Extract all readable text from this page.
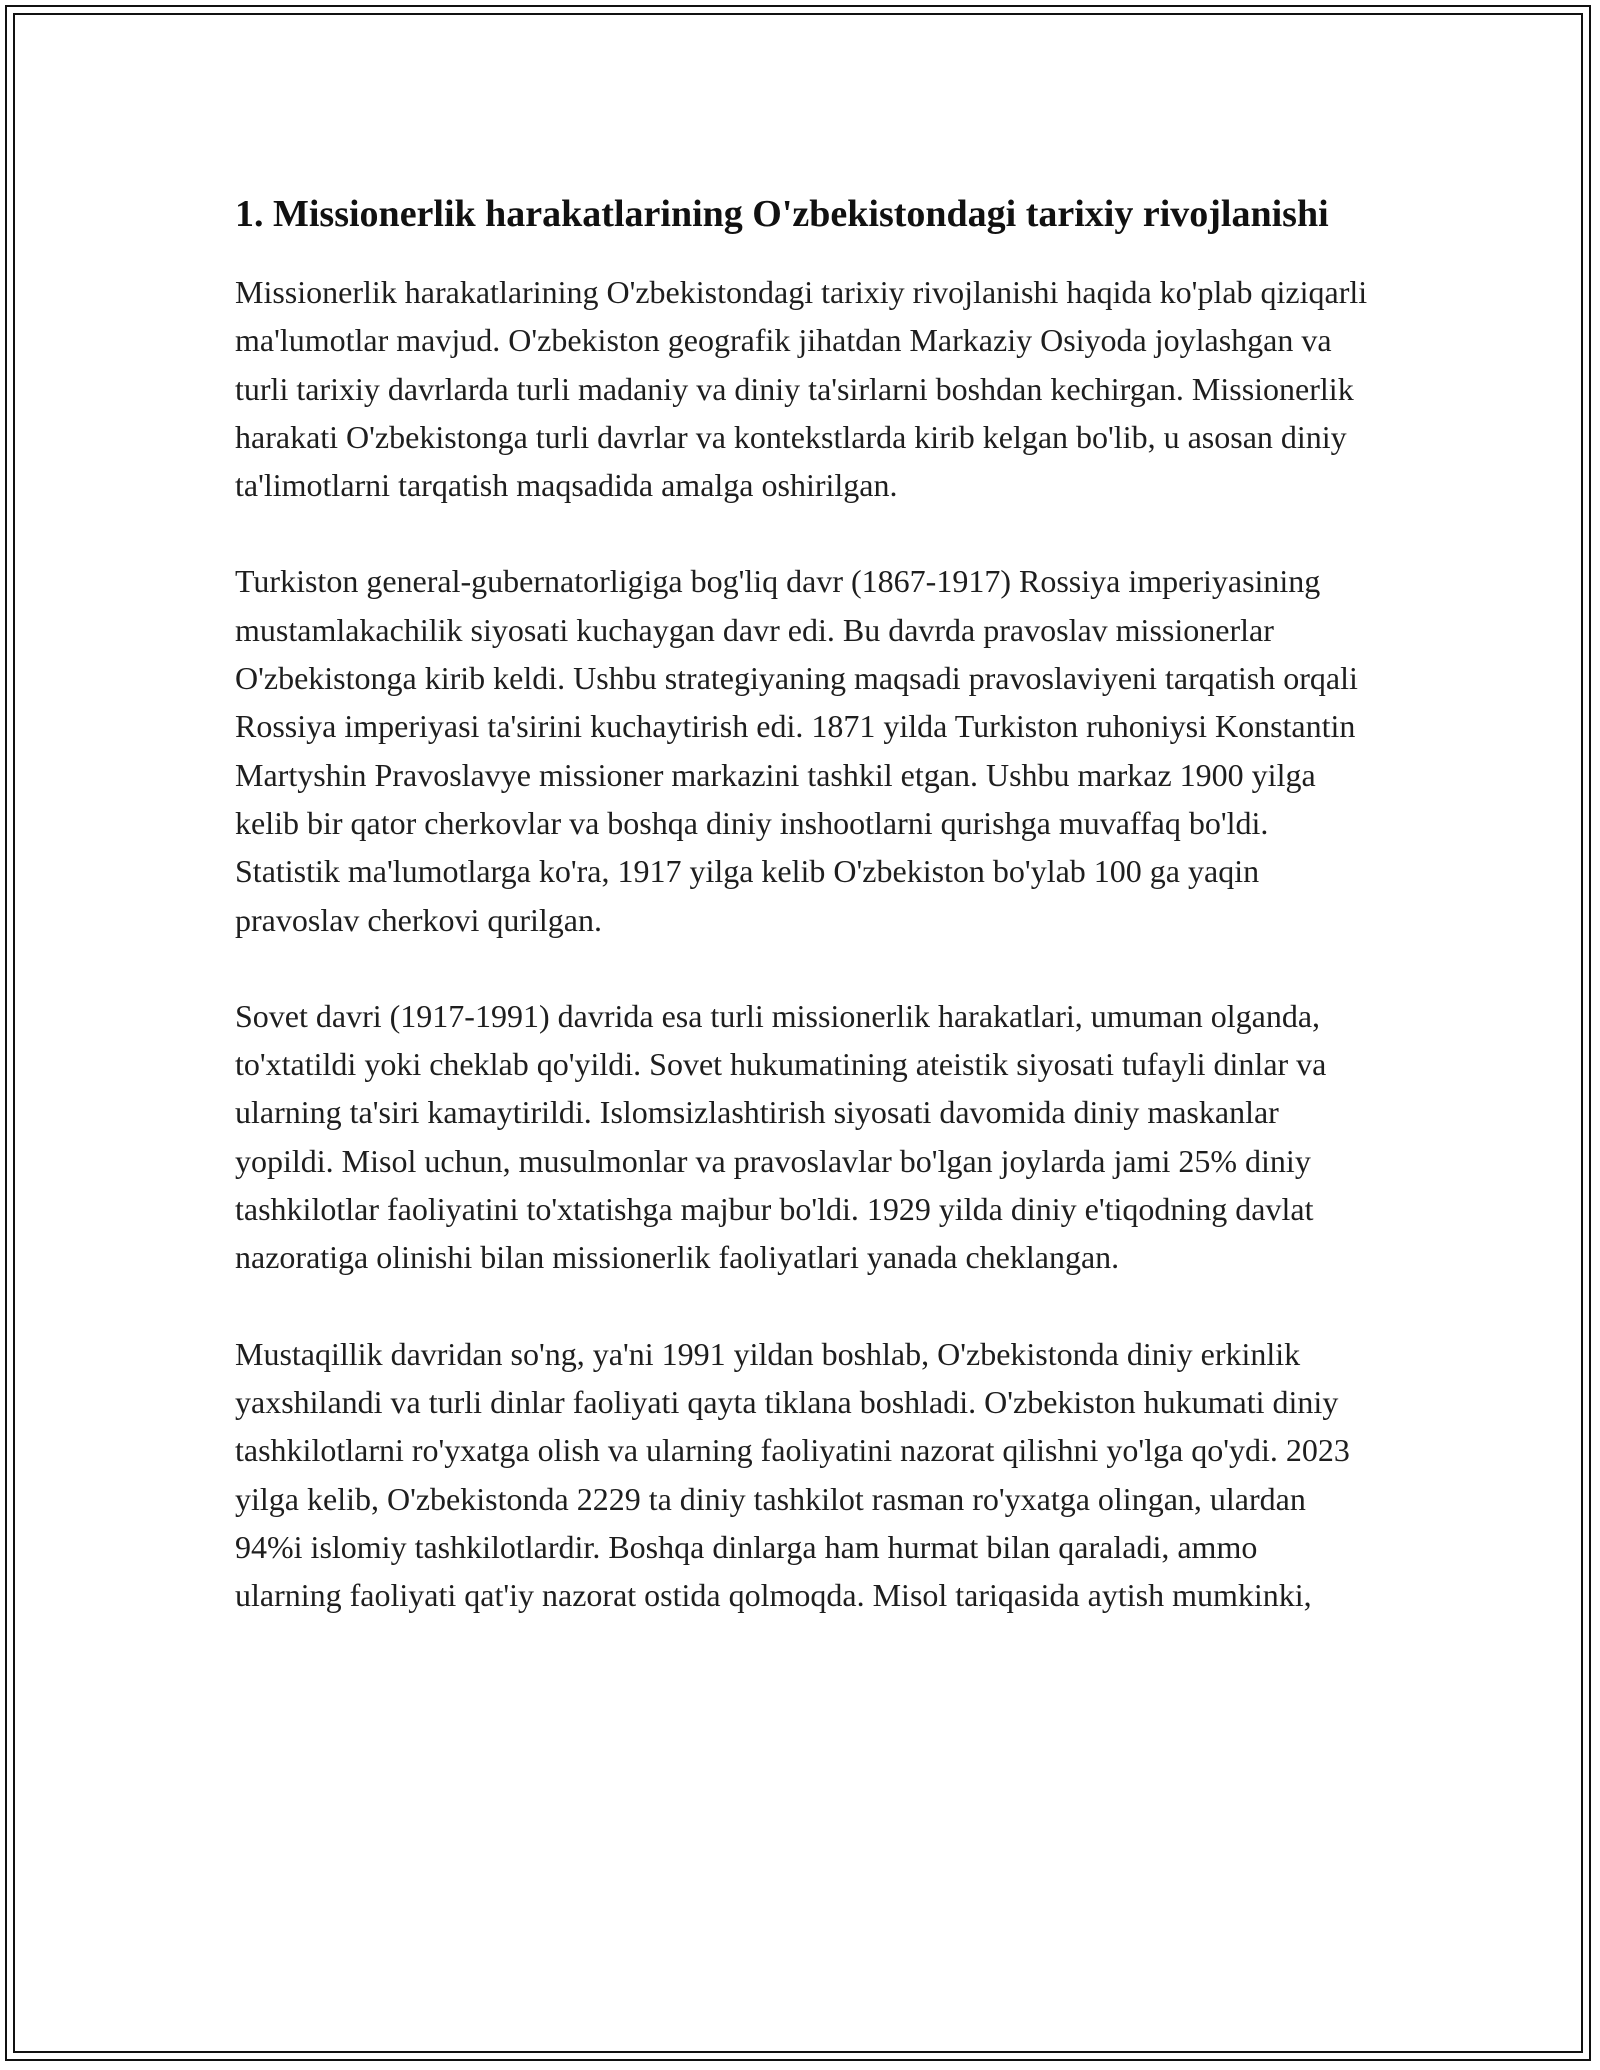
1. Missionerlik harakatlarining O'zbekistondagi tarixiy rivojlanishi

Missionerlik harakatlarining O'zbekistondagi tarixiy rivojlanishi haqida ko'plab qiziqarli ma'lumotlar mavjud. O'zbekiston geografik jihatdan Markaziy Osiyoda joylashgan va turli tarixiy davrlarda turli madaniy va diniy ta'sirlarni boshdan kechirgan. Missionerlik harakati O'zbekistonga turli davrlar va kontekstlarda kirib kelgan bo'lib, u asosan diniy ta'limotlarni tarqatish maqsadida amalga oshirilgan.

Turkiston general-gubernatorligiga bog'liq davr (1867-1917) Rossiya imperiyasining mustamlakachilik siyosati kuchaygan davr edi. Bu davrda pravoslav missionerlar O'zbekistonga kirib keldi. Ushbu strategiyaning maqsadi pravoslaviyeni tarqatish orqali Rossiya imperiyasi ta'sirini kuchaytirish edi. 1871 yilda Turkiston ruhoniysi Konstantin Martyshin Pravoslavye missioner markazini tashkil etgan. Ushbu markaz 1900 yilga kelib bir qator cherkovlar va boshqa diniy inshootlarni qurishga muvaffaq bo'ldi. Statistik ma'lumotlarga ko'ra, 1917 yilga kelib O'zbekiston bo'ylab 100 ga yaqin pravoslav cherkovi qurilgan.

Sovet davri (1917-1991) davrida esa turli missionerlik harakatlari, umuman olganda, to'xtatildi yoki cheklab qo'yildi. Sovet hukumatining ateistik siyosati tufayli dinlar va ularning ta'siri kamaytirildi. Islomsizlashtirish siyosati davomida diniy maskanlar yopildi. Misol uchun, musulmonlar va pravoslavlar bo'lgan joylarda jami 25% diniy tashkilotlar faoliyatini to'xtatishga majbur bo'ldi. 1929 yilda diniy e'tiqodning davlat nazoratiga olinishi bilan missionerlik faoliyatlari yanada cheklangan.

Mustaqillik davridan so'ng, ya'ni 1991 yildan boshlab, O'zbekistonda diniy erkinlik yaxshilandi va turli dinlar faoliyati qayta tiklana boshladi. O'zbekiston hukumati diniy tashkilotlarni ro'yxatga olish va ularning faoliyatini nazorat qilishni yo'lga qo'ydi. 2023 yilga kelib, O'zbekistonda 2229 ta diniy tashkilot rasman ro'yxatga olingan, ulardan 94%i islomiy tashkilotlardir. Boshqa dinlarga ham hurmat bilan qaraladi, ammo ularning faoliyati qat'iy nazorat ostida qolmoqda. Misol tariqasida aytish mumkinki,
